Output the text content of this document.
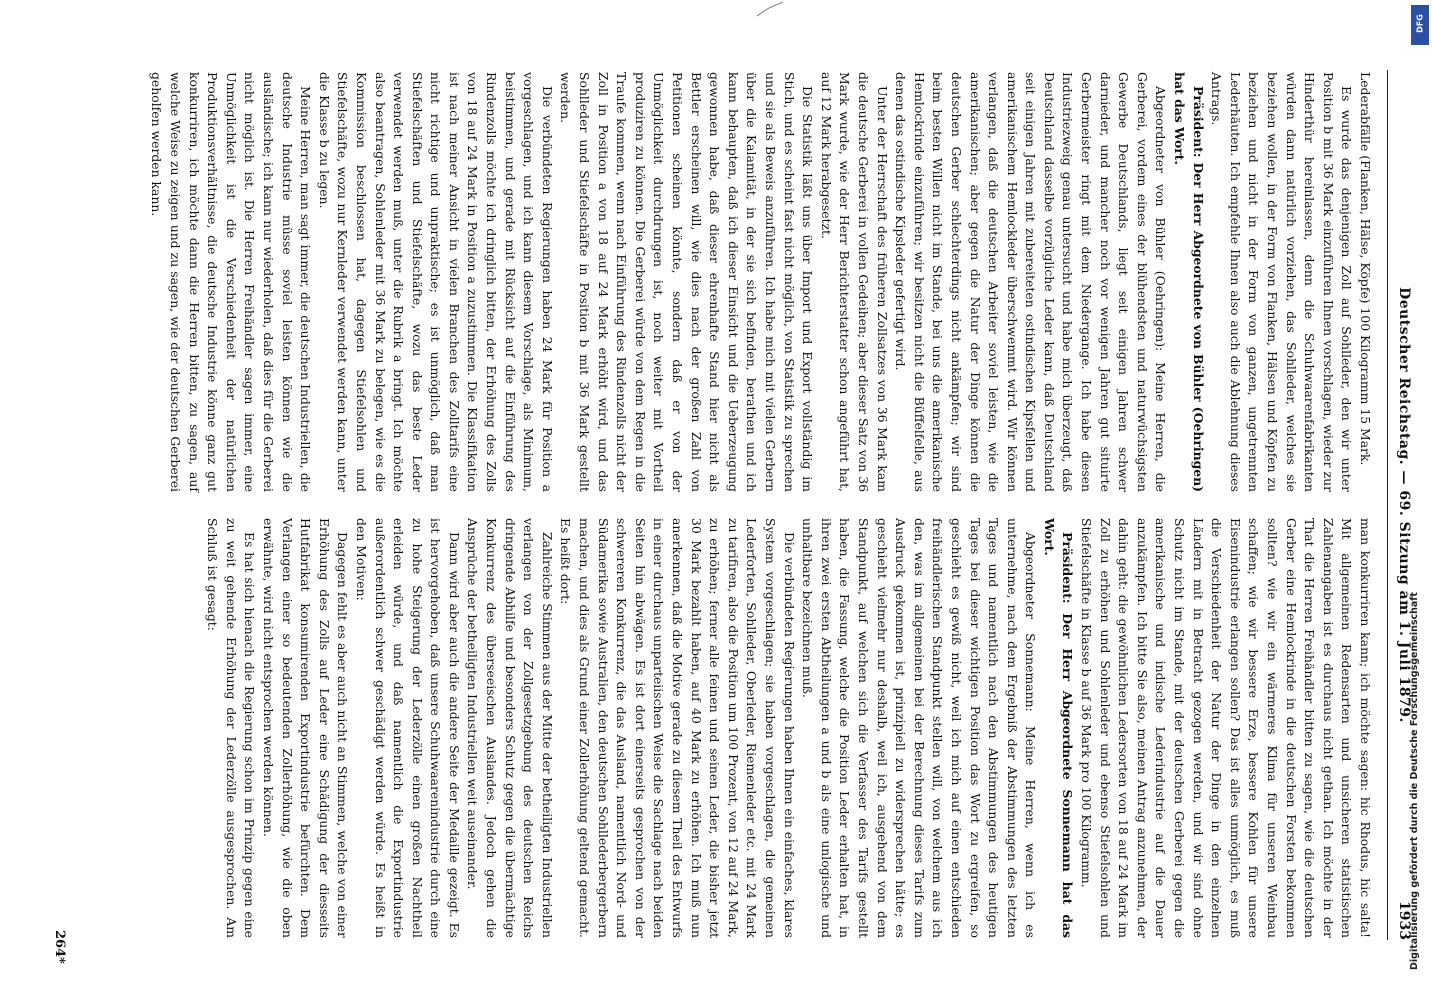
Deutscher Reichstag. — 69. Sitzung am 1. Juli 1879.
1933

Lederabfälle (Flanken, Hälse, Köpfe) 100 Kilogramm 15 Mark.

Es wurde das denjenigen Zoll auf Sohlleder, den wir unter Position b mit 36 Mark einzuführen Ihnen vorschlagen, wieder zur Hinderthür hereinlassen, denn die Schuhwaarenfabrikanten würden dann natürlich vorziehen, das Sohlleder, welches sie beziehen wollen, in der Form von Flanken, Hälsen und Köpfen zu beziehen und nicht in der Form von ganzen, ungetrennten Lederhäuten. Ich empfehle Ihnen also auch die Ablehnung dieses Antrags.

Präsident: Der Herr Abgeordnete von Bühler (Oehringen) hat das Wort.

Abgeordneter von Bühler (Oehringen): Meine Herren, die Gerberei, vordem eines der blühendsten und naturwüchsigsten Gewerbe Deutschlands, liegt seit einigen Jahren schwer darnieder, und mancher noch vor wenigen Jahren gut situirte Gerbermeister ringt mit dem Niedergange. Ich habe diesen Industriezweig genau untersucht und habe mich überzeugt, daß Deutschland dasselbe vorzügliche Leder kann, daß Deutschland seit einigen Jahren mit zubereiteten ostindischen Kipsfellen und amerikanischem Hemlockleder überschwemmt wird. Wir können verlangen, daß die deutschen Arbeiter soviel leisten, wie die amerikanischen; aber gegen die Natur der Dinge können die deutschen Gerber schlechterdings nicht ankämpfen; wir sind beim besten Willen nicht im Stande, bei uns die amerikanische Hemlockrinde einzuführen; wir besitzen nicht die Büffelfelle, aus denen das ostindische Kipsleder gefertigt wird.

Unter der Herrschaft des früheren Zollsatzes von 36 Mark kam die deutsche Gerberei in vollen Gedeihen; aber dieser Satz von 36 Mark wurde, wie der Herr Berichterstatter schon angeführt hat, auf 12 Mark herabgesetzt.

Die Statistik läßt uns über Import und Export vollständig im Stich, und es scheint fast nicht möglich, von Statistik zu sprechen und sie als Beweis anzuführen. Ich habe mich mit vielen Gerbern über die Kalamität, in der sie sich befinden, berathen und ich kann behaupten, daß ich dieser Einsicht und die Ueberzeugung gewonnen habe, daß dieser ehrenhafte Stand hier nicht als Bettler erscheinen will, wie dies nach der großen Zahl von Petitionen scheinen könnte, sondern daß er von der Unmöglichkeit durchdrungen ist, noch weiter mit Vortheil produziren zu können. Die Gerberei würde von dem Regen in die Traufe kommen, wenn nach Einführung des Rindenzolls nicht der Zoll in Position a von 18 auf 24 Mark erhöht wird, und das Sohlleder und Stiefelschäfte in Position b mit 36 Mark gestellt werden.

Die verbündeten Regierungen haben 24 Mark für Position a vorgeschlagen, und ich kann diesem Vorschlage, als Minimum, beistimmen, und gerade mit Rücksicht auf die Einführung des Rindenzolls möchte ich dringlich bitten, der Erhöhung des Zolls von 18 auf 24 Mark in Position a zuzustimmen. Die Klassifikation ist nach meiner Ansicht in vielen Branchen des Zolltarifs eine nicht richtige und unpraktische; es ist unmöglich, daß man Stiefelschäften und Stiefelschäfte, wozu das beste Leder verwendet werden muß, unter die Rubrik a bringt. Ich möchte also beantragen, Sohlenleder mit 36 Mark zu belegen, wie es die Kommission beschlossen hat, dagegen Stiefelsohlen und Stiefelschäfte, wozu nur Kernleder verwendet werden kann, unter die Klasse b zu legen.

Meine Herren, man sagt immer, die deutschen Industriellen, die deutsche Industrie müsse soviel leisten können wie die ausländische; ich kann nur wiederholen, daß dies für die Gerberei nicht möglich ist. Die Herren Freihändler sagen immer, eine Unmöglichkeit ist die Verschiedenheit der natürlichen Produktionsverhältnisse, die deutsche Industrie könne ganz gut konkurriren, ich möchte dann die Herren bitten, zu sagen, auf welche Weise zu zeigen und zu sagen, wie der deutschen Gerberei geholfen werden kann.

man konkurriren kann; ich möchte sagen: hic Rhodus, hic salta! Mit allgemeinen Redensarten und unsicheren statistischen Zahlenangaben ist es durchaus nicht gethan. Ich möchte in der That die Herren Freihändler bitten zu sagen, wie die deutschen Gerber eine Hemlockrinde in die deutschen Forsten bekommen sollten? wie wir ein wärmeres Klima für unseren Weinbau schaffen; wie wir bessere Erze, bessere Kohlen für unsere Eisenindustrie erlangen sollen? Das ist alles unmöglich, es muß die Verschiedenheit der Natur der Dinge in den einzelnen Ländern mit in Betracht gezogen werden, und wir sind ohne Schutz nicht im Stande, mit der deutschen Gerberei gegen die amerikanische und indische Lederindustrie auf die Dauer anzukämpfen. Ich bitte Sie also, meinen Antrag anzunehmen, der dahin geht: die gewöhnlichen Ledersorten von 18 auf 24 Mark im Zoll zu erhöhen und Sohlenleder und ebenso Stiefelsohlen und Stiefelschäfte in Klasse b auf 36 Mark pro 100 Kilogramm.

Präsident: Der Herr Abgeordnete Sonnemann hat das Wort.

Abgeordneter Sonnemann: Meine Herren, wenn ich es unternehme, nach dem Ergebniß der Abstimmungen des letzten Tages und namentlich nach den Abstimmungen des heutigen Tages bei dieser wichtigen Position das Wort zu ergreifen, so geschieht es gewiß nicht, weil ich mich auf einen entschieden freihändlerischen Standpunkt stellen will, von welchem aus ich den, was im allgemeinen bei der Berechnung dieses Tarifs zum Ausdruck gekommen ist, prinzipiell zu widersprechen hätte; es geschieht vielmehr nur deshalb, weil ich, ausgehend von dem Standpunkt, auf welchen sich die Verfasser des Tarifs gestellt haben, die Fassung, welche die Position Leder erhalten hat, in ihren zwei ersten Abtheilungen a und b als eine unlogische und unhaltbare bezeichnen muß.

Die verbündeten Regierungen haben Ihnen ein einfaches, klares System vorgeschlagen; sie haben vorgeschlagen, die gemeinen Lederforten, Sohlleder, Oberleder, Riemenleder etc. mit 24 Mark zu tarifiren, also die Position um 100 Prozent, von 12 auf 24 Mark, zu erhöhen; ferner alle feinen und seinen Leder, die bisher jetzt 30 Mark bezahlt haben, auf 40 Mark zu erhöhen. Ich muß nun anerkennen, daß die Motive gerade zu diesem Theil des Entwurfs in einer durchaus unparteiischen Weise die Sachlage nach beiden Seiten hin abwägen. Es ist dort einerseits gesprochen von der schwereren Konkurrenz, die das Ausland, namentlich Nord- und Südamerika sowie Australien, den deutschen Sohllederbergerbern machen, und dies als Grund einer Zollerhöhung geltend gemacht. Es heißt dort:

Zahlreiche Stimmen aus der Mitte der betheiligten Industriellen verlangen von der Zollgesetzgebung des deutschen Reichs dringende Abhilfe und besonders Schutz gegen die übermächtige Konkurrenz des überseeischen Auslandes. Jedoch gehen die Ansprüche der betheiligten Industriellen weit auseinander.

Dann wird aber auch die andere Seite der Medaille gezeigt. Es ist hervorgehoben, daß unsere Schuhwaarenindustrie durch eine zu hohe Steigerung der Lederzölle einen großen Nachtheil erleiden würde, und daß namentlich die Exportindustrie außerordentlich schwer geschädigt werden würde. Es heißt in den Motiven:

Dagegen fehlt es aber auch nicht an Stimmen, welche von einer Erhöhung des Zolls auf Leder eine Schädigung der diesseits Hutfabrikat konsumirenden Exportindustrie befürchten. Dem Verlangen einer so bedeutenden Zollerhöhung, wie die oben erwähnte, wird nicht entsprochen werden können.

Es hat sich hienach die Regierung schon im Prinzip gegen eine zu weit gehende Erhöhung der Lederzölle ausgesprochen. Am Schluß ist gesagt:

264*
DFG
Digitalisierung gefördert durch die Deutsche Forschungsgemeinschaft
